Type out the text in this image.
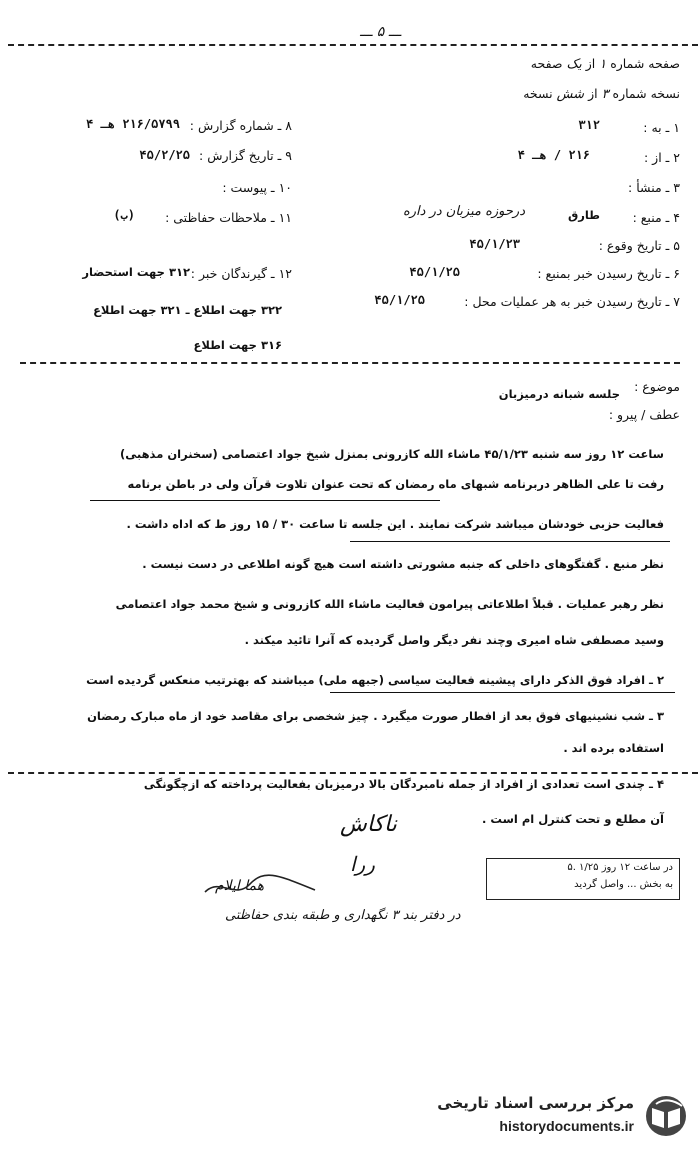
ـــ ۵ ـــ
صفحه شماره ۱ از یک صفحه
نسخه شماره ۳ از شش نسخه
۱ ـ به :
۳۱۲
۲ ـ از :
۲۱۶ / هـ ۴
۳ ـ منشأ :
۴ ـ منبع :
طارق
درحوزه میزبان در داره
۵ ـ تاریخ وقوع :
۴۵/۱/۲۳
۶ ـ تاریخ رسیدن خبر بمنبع :
۴۵/۱/۲۵
۷ ـ تاریخ رسیدن خبر به هر عملیات محل :
۴۵/۱/۲۵
۸ ـ شماره گزارش :
۲۱۶/۵۷۹۹ هـ ۴
۹ ـ تاریخ گزارش :
۴۵/۲/۲۵
۱۰ ـ پیوست :
۱۱ ـ ملاحظات حفاظتی :
(ب)
۱۲ ـ گیرندگان خبر :
۳۱۲ جهت استحضار
۳۲۲ جهت اطلاع ـ ۳۲۱ جهت اطلاع
۳۱۶ جهت اطلاع
موضوع :
جلسه شبانه درمیزبان
عطف / پیرو :
ساعت ۱۲ روز سه شنبه ۴۵/۱/۲۳ ماشاء الله کازرونی بمنزل شیخ جواد اعتصامی (سخنران مذهبی)
رفت تا علی الظاهر دربرنامه شبهای ماه رمضان که تحت عنوان تلاوت قرآن ولی در باطن برنامه
فعالیت حزبی خودشان میباشد شرکت نمایند . این جلسه تا ساعت ۳۰ / ۱۵ روز ط که اداه داشت .
نظر منبع . گفتگوهای داخلی که جنبه مشورتی داشته است هیچ گونه اطلاعی در دست نیست .
نظر رهبر عملیات . قبلاً اطلاعاتی پیرامون فعالیت ماشاء الله کازرونی و شیخ محمد جواد اعتصامی
وسید مصطفی شاه امیری وچند نفر دیگر واصل گردیده که آنرا تائید میکند .
۲ ـ افراد فوق الذکر دارای پیشینه فعالیت سیاسی (جبهه ملی) میباشند که بهترتیب منعکس گردیده است
۳ ـ شب نشینیهای فوق بعد از افطار صورت میگیرد . چیز شخصی برای مقاصد خود از ماه مبارک رمضان
استفاده برده اند .
۴ ـ چندی است تعدادی از افراد از جمله نامبردگان بالا درمیزبان بفعالیت پرداخته که ازچگونگی
آن مطلع و تحت کنترل ام است .
ناکاش
ررا
هما ایلام
در دفتر بند ۳ نگهداری و طبقه بندی حفاظتی
در ساعت ۱۲ روز ۱/۲۵ .۵
به بخش ... واصل گردید
مرکز بررسی اسناد تاریخی
historydocuments.ir
